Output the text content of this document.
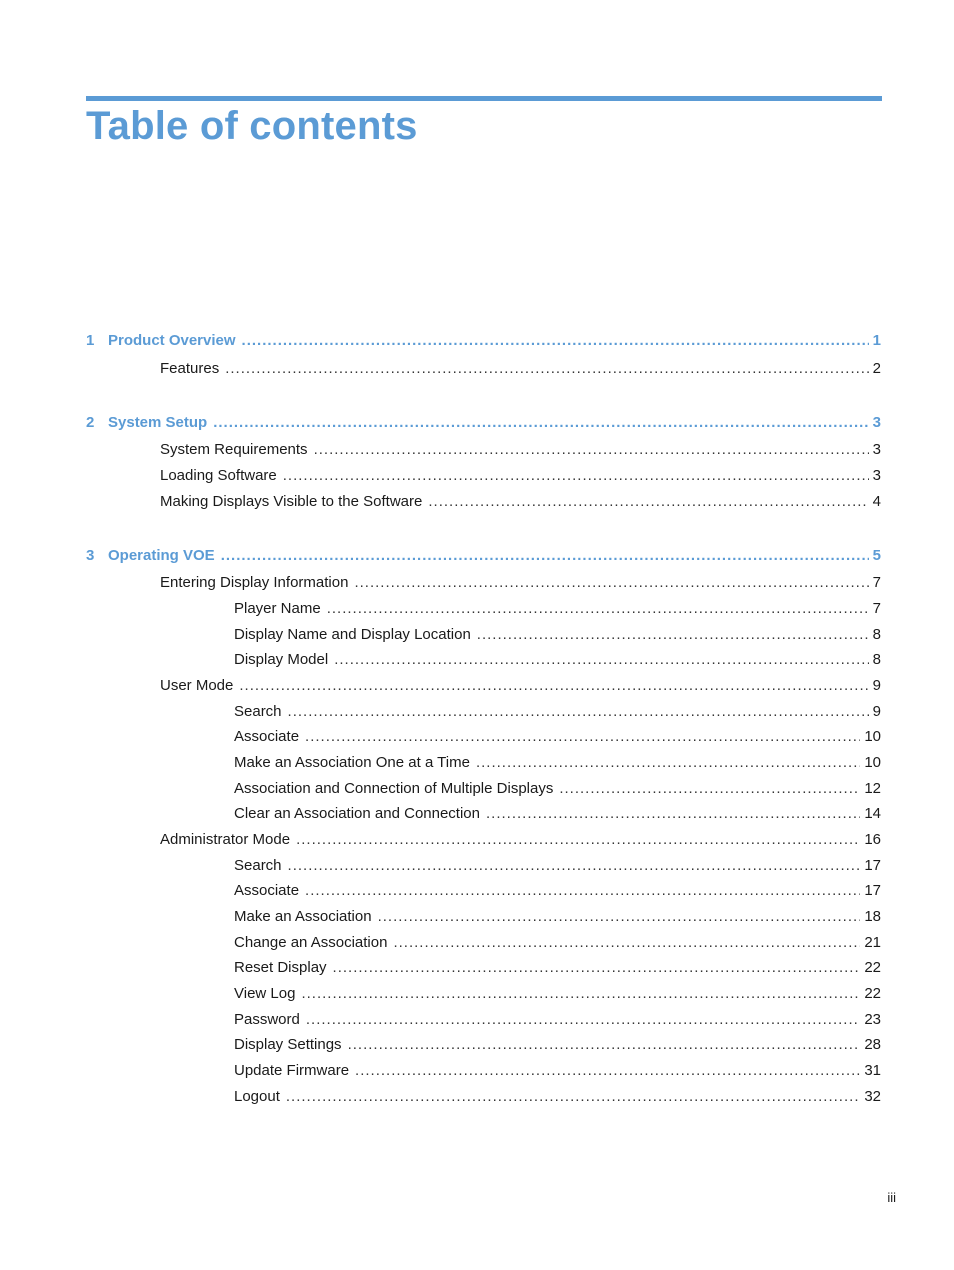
Table of contents
1 Product Overview .....	1
Features .....	2
2 System Setup .....	3
System Requirements .....	3
Loading Software .....	3
Making Displays Visible to the Software .....	4
3 Operating VOE .....	5
Entering Display Information .....	7
Player Name .....	7
Display Name and Display Location .....	8
Display Model .....	8
User Mode .....	9
Search .....	9
Associate .....	10
Make an Association One at a Time .....	10
Association and Connection of Multiple Displays .....	12
Clear an Association and Connection .....	14
Administrator Mode .....	16
Search .....	17
Associate .....	17
Make an Association .....	18
Change an Association .....	21
Reset Display .....	22
View Log .....	22
Password .....	23
Display Settings .....	28
Update Firmware .....	31
Logout .....	32
iii
